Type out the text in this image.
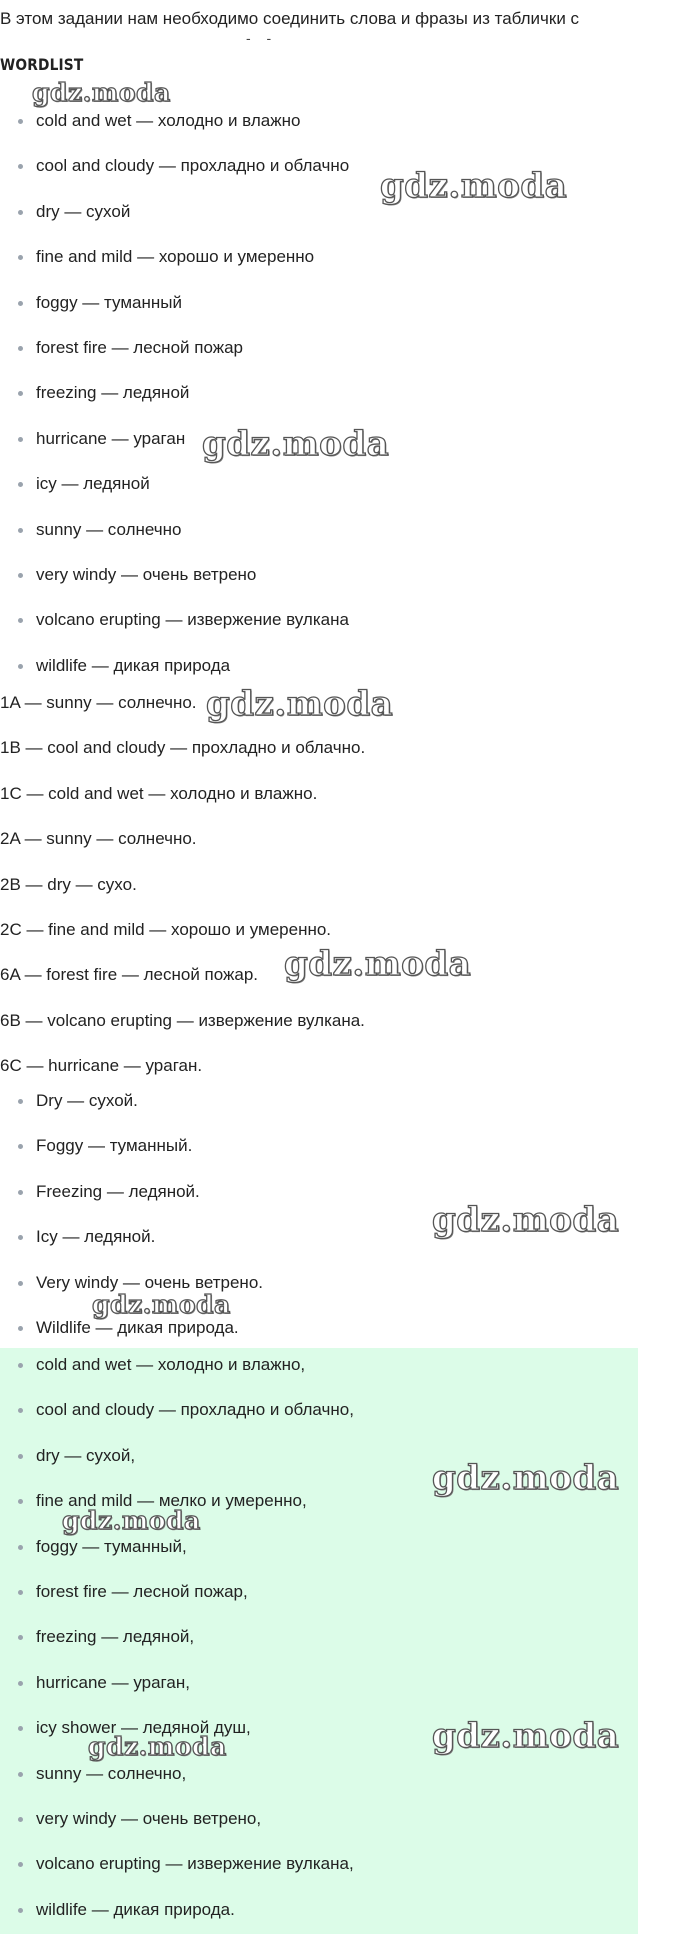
В этом задании нам необходимо соединить слова и фразы из таблички с
- -
WORDLIST
cold and wet — холодно и влажно
cool and cloudy — прохладно и облачно
dry — сухой
fine and mild — хорошо и умеренно
foggy — туманный
forest fire — лесной пожар
freezing — ледяной
hurricane — ураган
icy — ледяной
sunny — солнечно
very windy — очень ветрено
volcano erupting — извержение вулкана
wildlife — дикая природа

1A — sunny — солнечно.

1B — cool and cloudy — прохладно и облачно.

1C — cold and wet — холодно и влажно.

2A — sunny — солнечно.

2B — dry — сухо.

2C — fine and mild — хорошо и умеренно.

6A — forest fire — лесной пожар.

6B — volcano erupting — извержение вулкана.

6C — hurricane — ураган.

Dry — сухой.
Foggy — туманный.
Freezing — ледяной.
Icy — ледяной.
Very windy — очень ветрено.
Wildlife — дикая природа.
cold and wet — холодно и влажно,
cool and cloudy — прохладно и облачно,
dry — сухой,
fine and mild — мелко и умеренно,
foggy — туманный,
forest fire — лесной пожар,
freezing — ледяной,
hurricane — ураган,
icy shower — ледяной душ,
sunny — солнечно,
very windy — очень ветрено,
volcano erupting — извержение вулкана,
wildlife — дикая природа.
gdz.moda
gdz.moda
gdz.moda
gdz.moda
gdz.moda
gdz.moda
gdz.moda
gdz.moda
gdz.moda
gdz.moda
gdz.moda
